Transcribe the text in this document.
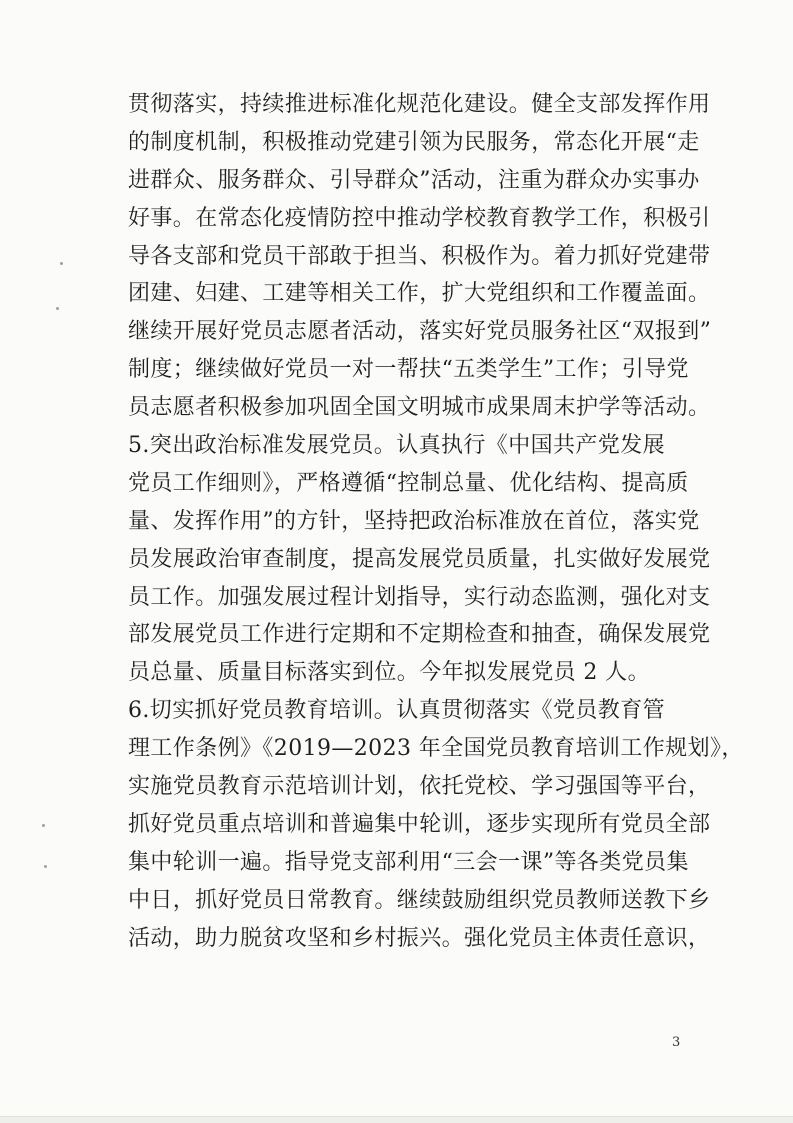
贯彻落实，持续推进标准化规范化建设。健全支部发挥作用
的制度机制，积极推动党建引领为民服务，常态化开展“走
进群众、服务群众、引导群众”活动，注重为群众办实事办
好事。在常态化疫情防控中推动学校教育教学工作，积极引
导各支部和党员干部敢于担当、积极作为。着力抓好党建带
团建、妇建、工建等相关工作，扩大党组织和工作覆盖面。
继续开展好党员志愿者活动，落实好党员服务社区“双报到”
制度；继续做好党员一对一帮扶“五类学生”工作；引导党
员志愿者积极参加巩固全国文明城市成果周末护学等活动。
5.突出政治标准发展党员。认真执行《中国共产党发展
党员工作细则》，严格遵循“控制总量、优化结构、提高质
量、发挥作用”的方针，坚持把政治标准放在首位，落实党
员发展政治审查制度，提高发展党员质量，扎实做好发展党
员工作。加强发展过程计划指导，实行动态监测，强化对支
部发展党员工作进行定期和不定期检查和抽查，确保发展党
员总量、质量目标落实到位。今年拟发展党员 2 人。
6.切实抓好党员教育培训。认真贯彻落实《党员教育管
理工作条例》《2019—2023 年全国党员教育培训工作规划》，
实施党员教育示范培训计划，依托党校、学习强国等平台，
抓好党员重点培训和普遍集中轮训，逐步实现所有党员全部
集中轮训一遍。指导党支部利用“三会一课”等各类党员集
中日，抓好党员日常教育。继续鼓励组织党员教师送教下乡
活动，助力脱贫攻坚和乡村振兴。强化党员主体责任意识，
3
